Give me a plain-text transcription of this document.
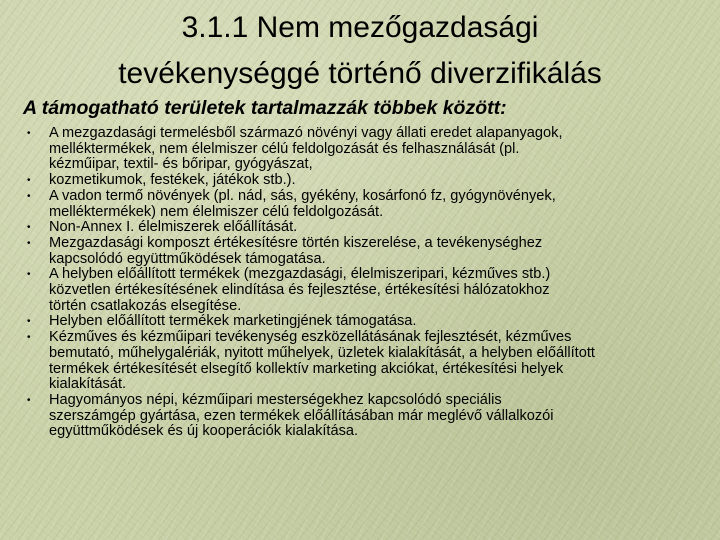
3.1.1 Nem mezőgazdasági
tevékenységgé történő diverzifikálás
A támogatható területek tartalmazzák többek között:
•	A mezgazdasági termelésből származó növényi vagy állati eredet alapanyagok,
melléktermékek, nem élelmiszer célú feldolgozását és felhasználását (pl.
kézműipar, textil- és bőripar, gyógyászat,
•	kozmetikumok, festékek, játékok stb.).
•	A vadon termő növények (pl. nád, sás, gyékény, kosárfonó fz, gyógynövények,
melléktermékek) nem élelmiszer célú feldolgozását.
•	Non-Annex I. élelmiszerek előállítását.
•	Mezgazdasági komposzt értékesítésre történ kiszerelése, a tevékenységhez
kapcsolódó együttműködések támogatása.
•	A helyben előállított termékek (mezgazdasági, élelmiszeripari, kézműves stb.)
közvetlen értékesítésének elindítása és fejlesztése, értékesítési hálózatokhoz
történ csatlakozás elsegítése.
•	Helyben előállított termékek marketingjének támogatása.
•	Kézműves és kézműipari tevékenység eszközellátásának fejlesztését, kézműves
bemutató, műhelygalériák, nyitott műhelyek, üzletek kialakítását, a helyben előállított
termékek értékesítését elsegítő kollektív marketing akciókat, értékesítési helyek
kialakítását.
•	Hagyományos népi, kézműipari mesterségekhez kapcsolódó speciális
szerszámgép gyártása, ezen termékek előállításában már meglévő vállalkozói
együttműködések és új kooperációk kialakítása.
